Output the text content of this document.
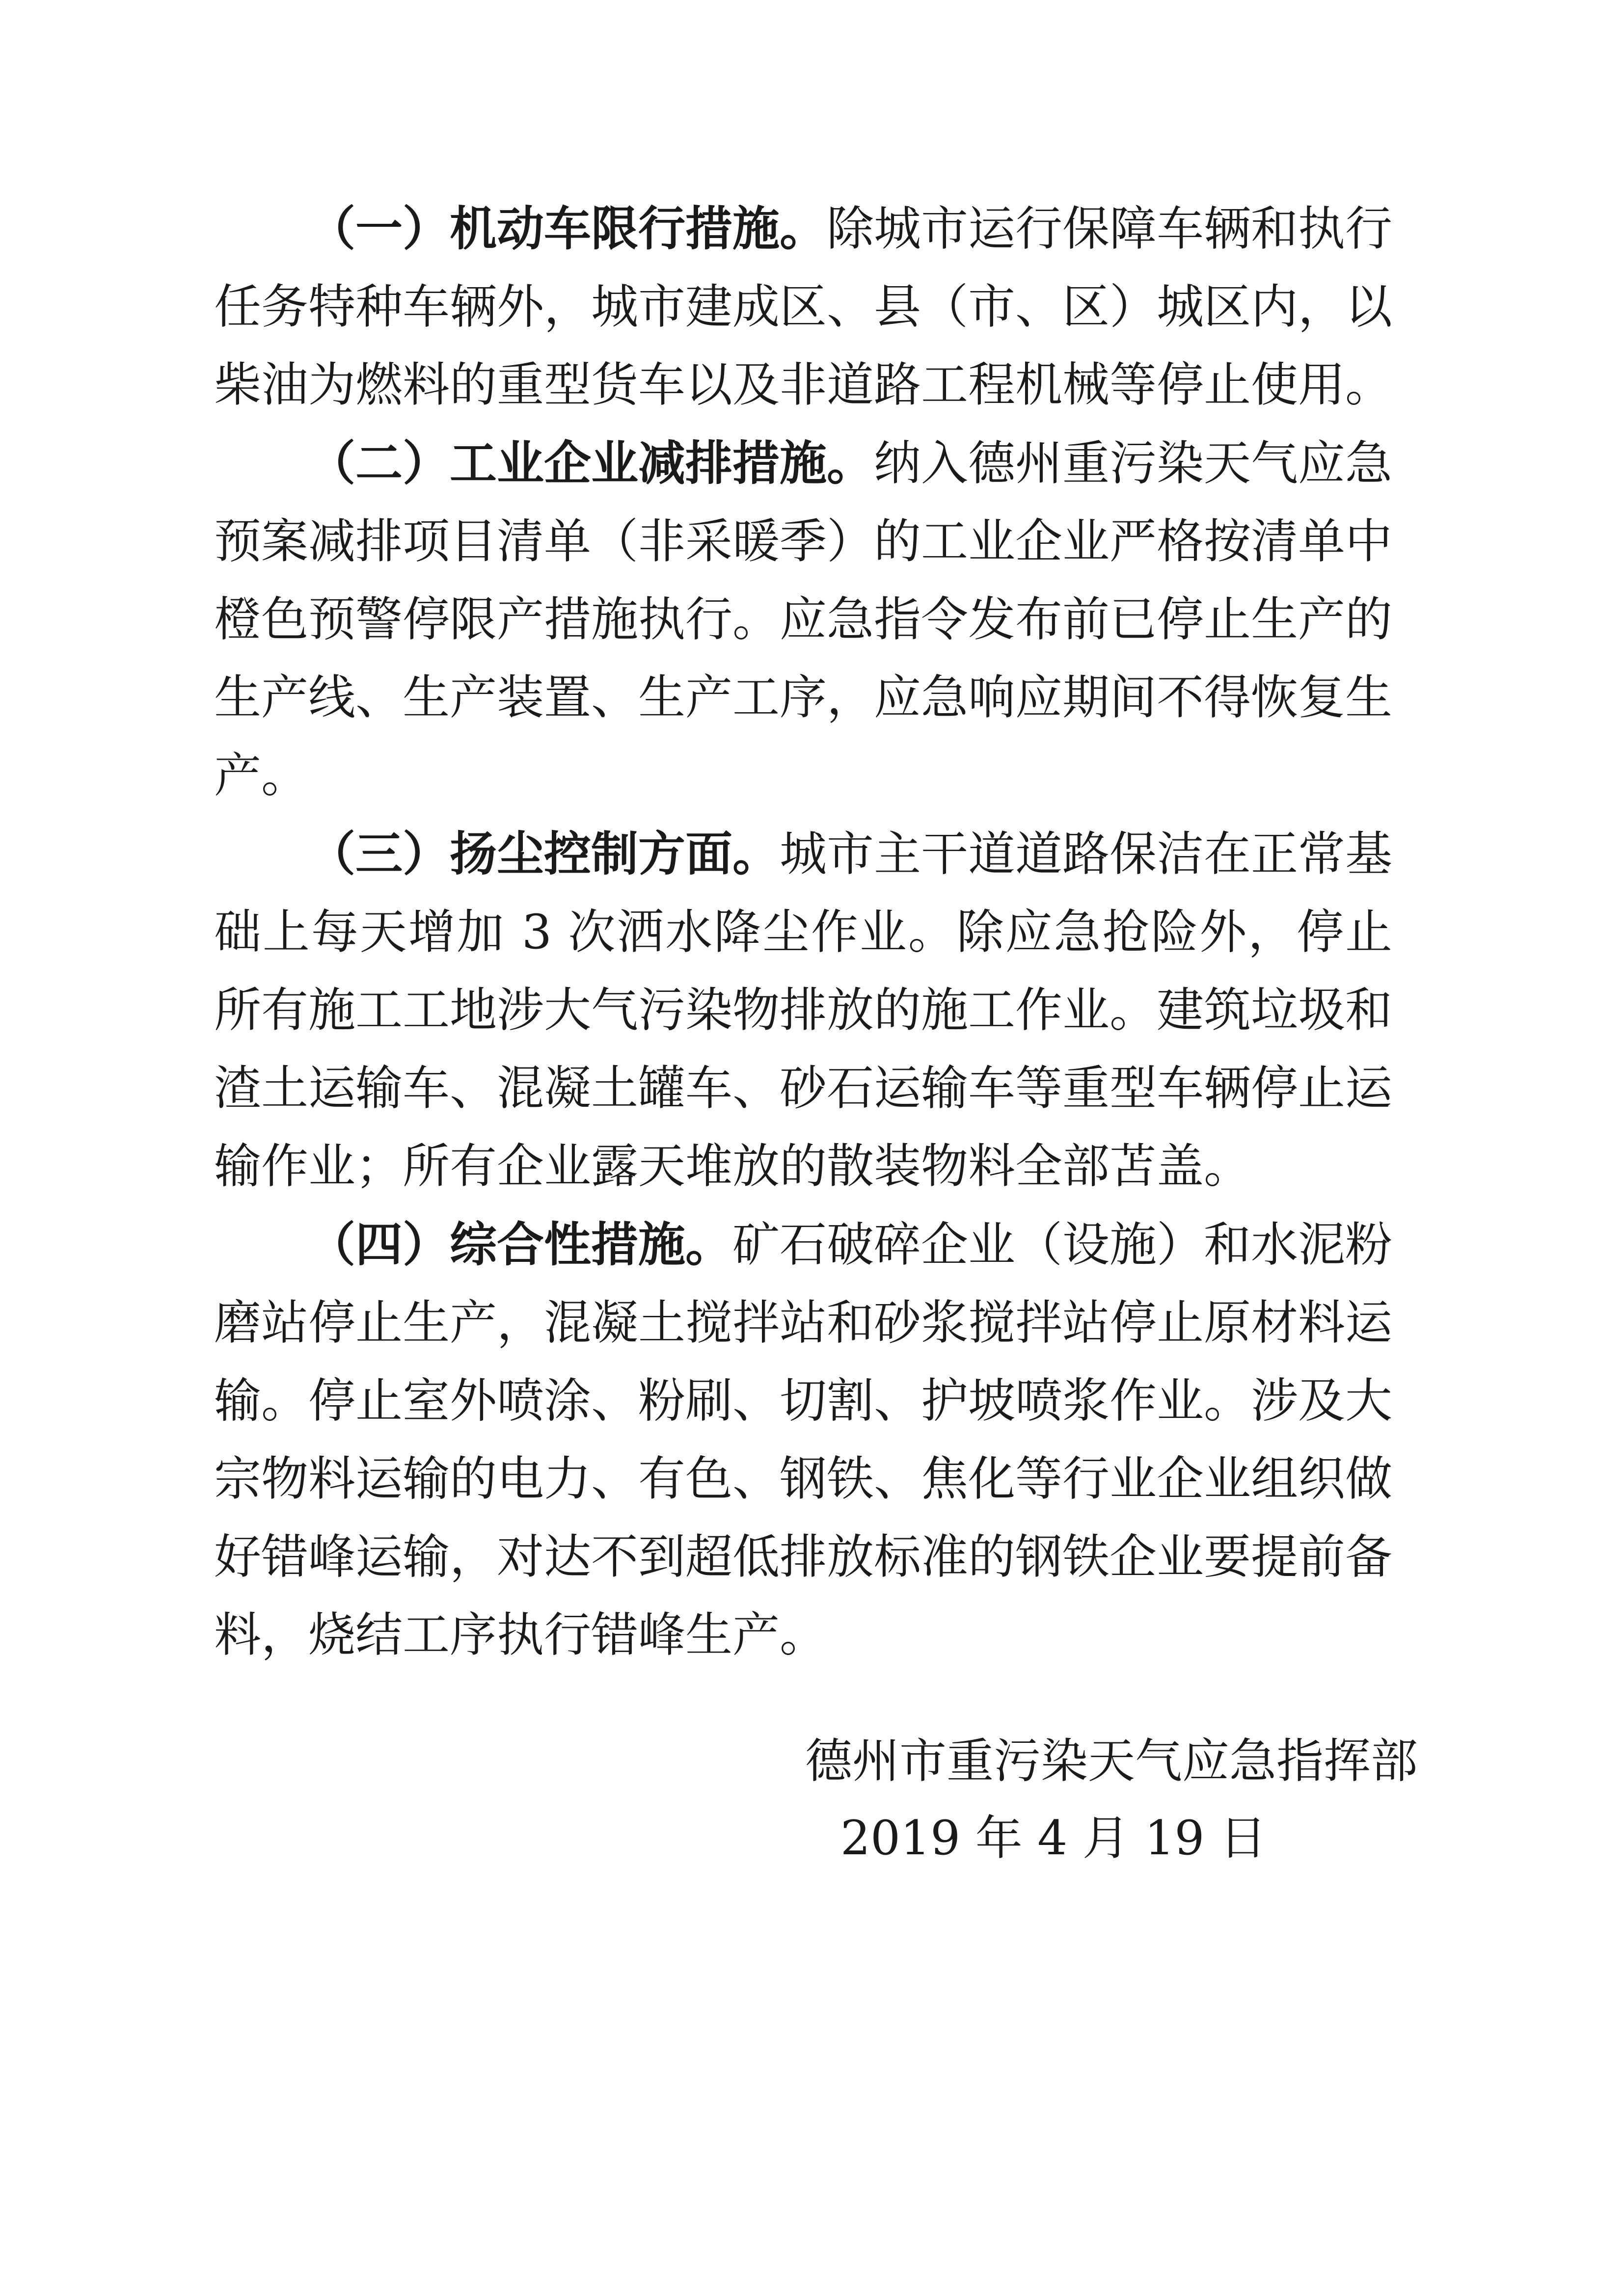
（一）机动车限行措施。除城市运行保障车辆和执行任务特种车辆外，城市建成区、县（市、区）城区内，以柴油为燃料的重型货车以及非道路工程机械等停止使用。

（二）工业企业减排措施。纳入德州重污染天气应急预案减排项目清单（非采暖季）的工业企业严格按清单中橙色预警停限产措施执行。应急指令发布前已停止生产的生产线、生产装置、生产工序，应急响应期间不得恢复生产。

（三）扬尘控制方面。城市主干道道路保洁在正常基础上每天增加 3 次洒水降尘作业。除应急抢险外，停止所有施工工地涉大气污染物排放的施工作业。建筑垃圾和渣土运输车、混凝土罐车、砂石运输车等重型车辆停止运输作业；所有企业露天堆放的散装物料全部苫盖。

（四）综合性措施。矿石破碎企业（设施）和水泥粉磨站停止生产，混凝土搅拌站和砂浆搅拌站停止原材料运输。停止室外喷涂、粉刷、切割、护坡喷浆作业。涉及大宗物料运输的电力、有色、钢铁、焦化等行业企业组织做好错峰运输，对达不到超低排放标准的钢铁企业要提前备料，烧结工序执行错峰生产。

德州市重污染天气应急指挥部
2019 年 4 月 19 日
